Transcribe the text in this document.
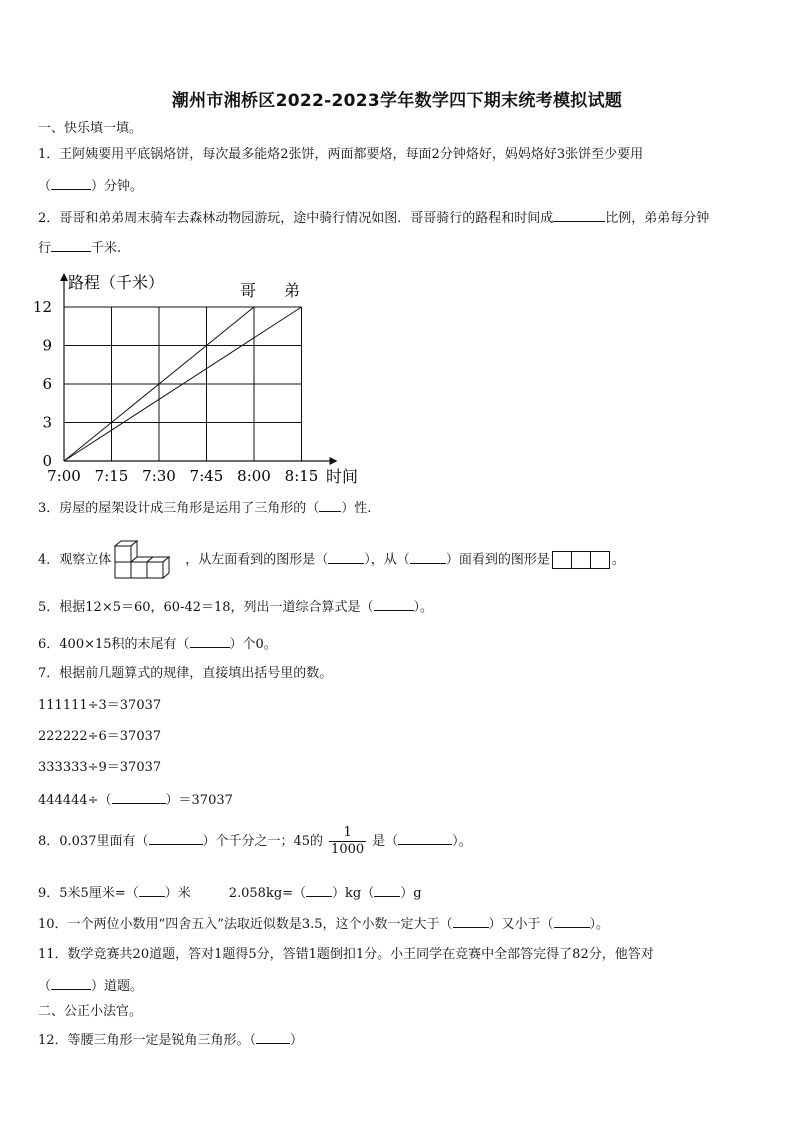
潮州市湘桥区2022-2023学年数学四下期末统考模拟试题
一、快乐填一填。
1．王阿姨要用平底锅烙饼，每次最多能烙2张饼，两面都要烙，每面2分钟烙好，妈妈烙好3张饼至少要用
（	）分钟。
2．哥哥和弟弟周末骑车去森林动物园游玩，途中骑行情况如图．哥哥骑行的路程和时间成	比例，弟弟每分钟
行	千米.
7:00 7:15 7:30 7:45 8:00 8:15
0
3
6
9
12
路程（千米）
时间
哥 弟
3．房屋的屋架设计成三角形是运用了三角形的（ ）性.
4．观察立体	，从左面看到的图形是（	），从（	）面看到的图形是	。
5．根据12×5＝60，60-42＝18，列出一道综合算式是（	）。
6．400×15积的末尾有（	）个0。
7．根据前几题算式的规律，直接填出括号里的数。
111111÷3＝37037
222222÷6＝37037
333333÷9＝37037
444444÷（	）＝37037
8．0.037里面有（	）个千分之一；45的 $\frac{1}{1000}$ 是（	）。
9．5米5厘米=（ ）米	2.058kg=（ ）kg（ ）g
10．一个两位小数用“四舍五入”法取近似数是3.5，这个小数一定大于（	）又小于（	）。
11．数学竞赛共20道题，答对1题得5分，答错1题倒扣1分。小王同学在竞赛中全部答完得了82分，他答对
（	）道题。
二、公正小法官。
12．等腰三角形一定是锐角三角形。（	）
